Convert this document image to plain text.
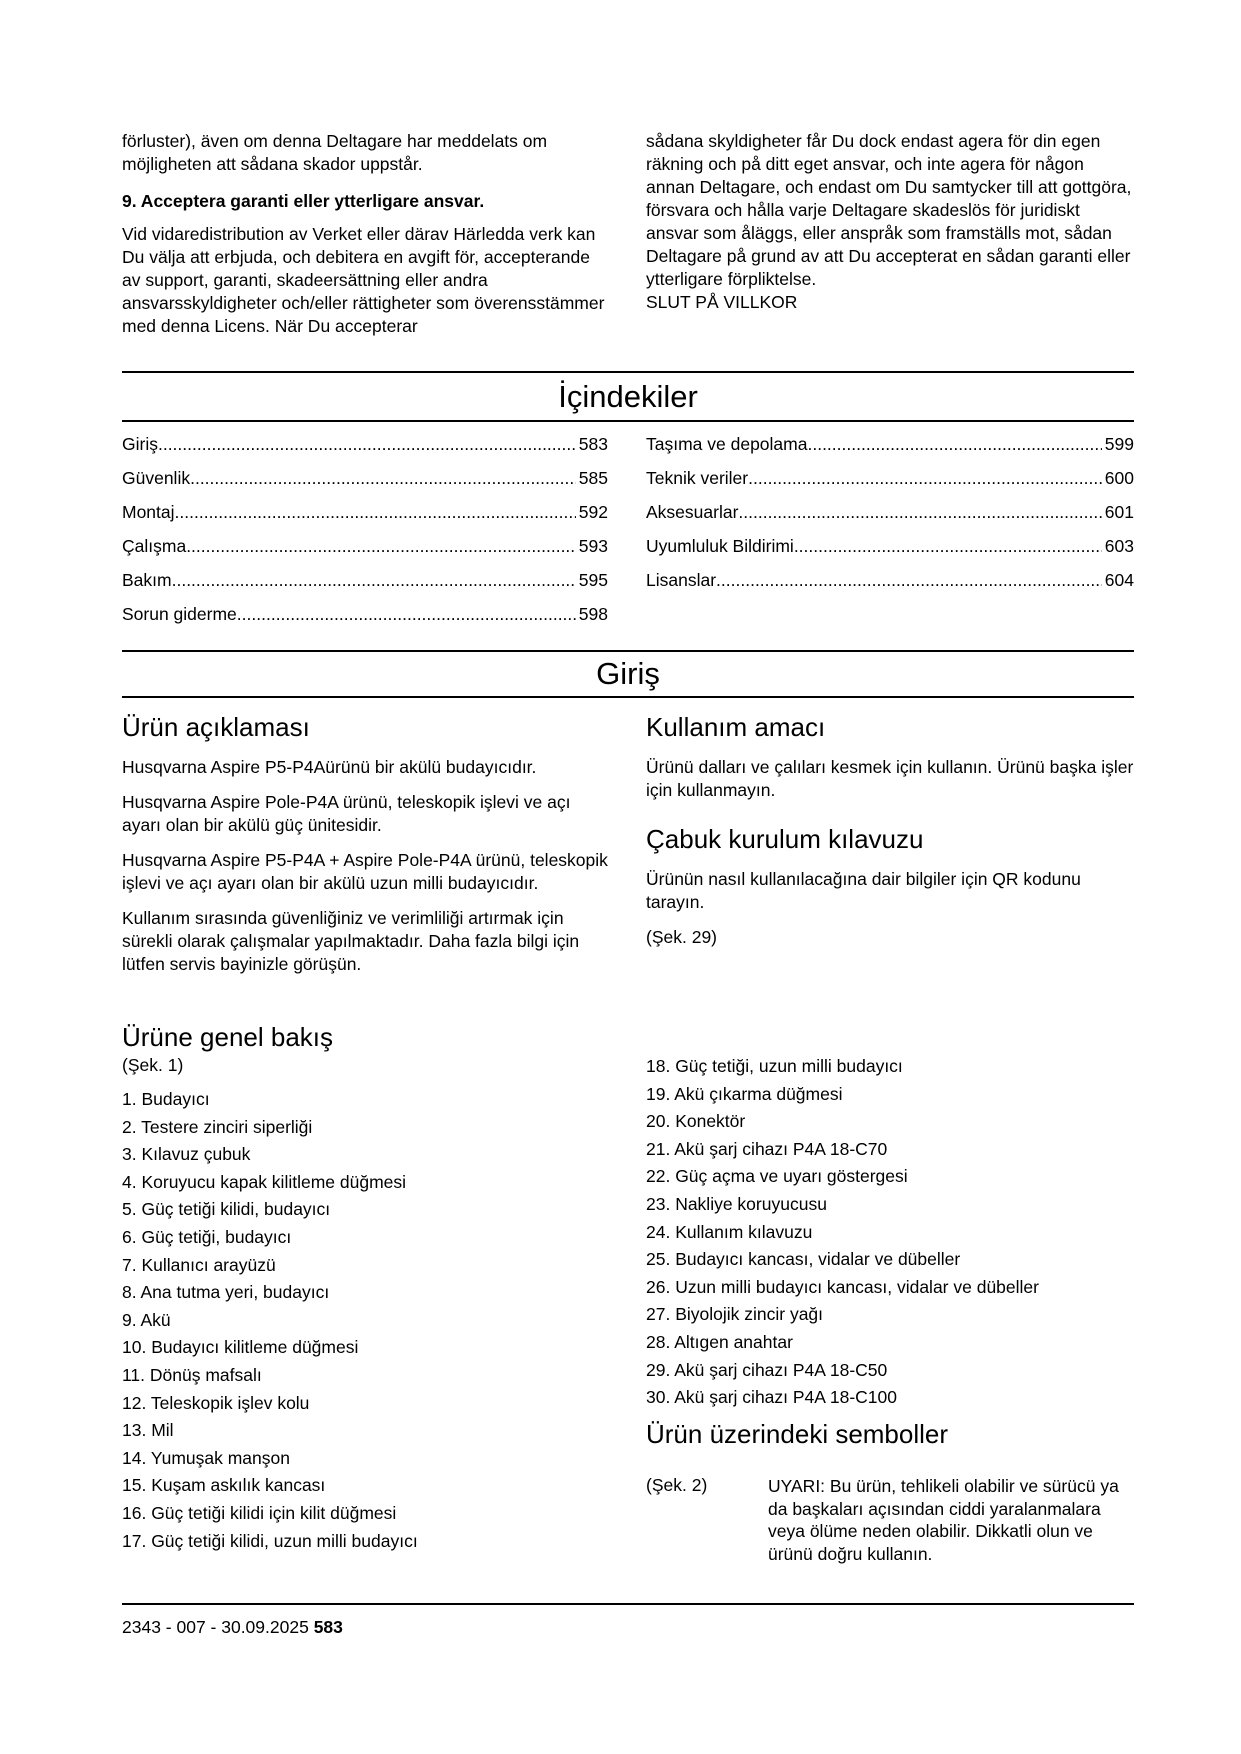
förluster), även om denna Deltagare har meddelats om möjligheten att sådana skador uppstår.

9. Acceptera garanti eller ytterligare ansvar.

Vid vidaredistribution av Verket eller därav Härledda verk kan Du välja att erbjuda, och debitera en avgift för, accepterande av support, garanti, skadeersättning eller andra ansvarsskyldigheter och/eller rättigheter som överensstämmer med denna Licens. När Du accepterar

sådana skyldigheter får Du dock endast agera för din egen räkning och på ditt eget ansvar, och inte agera för någon annan Deltagare, och endast om Du samtycker till att gottgöra, försvara och hålla varje Deltagare skadeslös för juridiskt ansvar som åläggs, eller anspråk som framställs mot, sådan Deltagare på grund av att Du accepterat en sådan garanti eller ytterligare förpliktelse.

SLUT PÅ VILLKOR

İçindekiler
Giriş .....	583
Güvenlik .....	585
Montaj .....	592
Çalışma .....	593
Bakım .....	595
Sorun giderme .....	598
Taşıma ve depolama .....	599
Teknik veriler .....	600
Aksesuarlar .....	601
Uyumluluk Bildirimi .....	603
Lisanslar .....	604
Giriş
Ürün açıklaması

Husqvarna Aspire P5-P4Aürünü bir akülü budayıcıdır.

Husqvarna Aspire Pole-P4A ürünü, teleskopik işlevi ve açı ayarı olan bir akülü güç ünitesidir.

Husqvarna Aspire P5-P4A + Aspire Pole-P4A ürünü, teleskopik işlevi ve açı ayarı olan bir akülü uzun milli budayıcıdır.

Kullanım sırasında güvenliğiniz ve verimliliği artırmak için sürekli olarak çalışmalar yapılmaktadır. Daha fazla bilgi için lütfen servis bayinizle görüşün.

Kullanım amacı

Ürünü dalları ve çalıları kesmek için kullanın. Ürünü başka işler için kullanmayın.

Çabuk kurulum kılavuzu

Ürünün nasıl kullanılacağına dair bilgiler için QR kodunu tarayın.

(Şek. 29)

Ürüne genel bakış
(Şek. 1)
1. Budayıcı
2. Testere zinciri siperliği
3. Kılavuz çubuk
4. Koruyucu kapak kilitleme düğmesi
5. Güç tetiği kilidi, budayıcı
6. Güç tetiği, budayıcı
7. Kullanıcı arayüzü
8. Ana tutma yeri, budayıcı
9. Akü
10. Budayıcı kilitleme düğmesi
11. Dönüş mafsalı
12. Teleskopik işlev kolu
13. Mil
14. Yumuşak manşon
15. Kuşam askılık kancası
16. Güç tetiği kilidi için kilit düğmesi
17. Güç tetiği kilidi, uzun milli budayıcı
18. Güç tetiği, uzun milli budayıcı
19. Akü çıkarma düğmesi
20. Konektör
21. Akü şarj cihazı P4A 18-C70
22. Güç açma ve uyarı göstergesi
23. Nakliye koruyucusu
24. Kullanım kılavuzu
25. Budayıcı kancası, vidalar ve dübeller
26. Uzun milli budayıcı kancası, vidalar ve dübeller
27. Biyolojik zincir yağı
28. Altıgen anahtar
29. Akü şarj cihazı P4A 18-C50
30. Akü şarj cihazı P4A 18-C100
Ürün üzerindeki semboller
(Şek. 2)	UYARI: Bu ürün, tehlikeli olabilir ve sürücü ya da başkaları açısından ciddi yaralanmalara veya ölüme neden olabilir. Dikkatli olun ve ürünü doğru kullanın.
2343 - 007 - 30.09.2025 583
